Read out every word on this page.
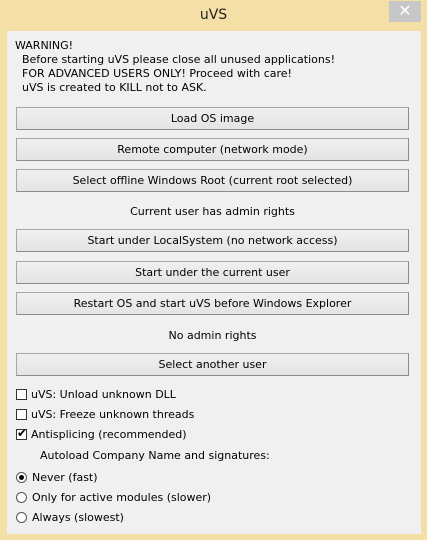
uVS	✕
WARNING!
Before starting uVS please close all unused applications!
FOR ADVANCED USERS ONLY! Proceed with care!
uVS is created to KILL not to ASK.
Load OS image
Remote computer (network mode)
Select offline Windows Root (current root selected)
Current user has admin rights
Start under LocalSystem (no network access)
Start under the current user
Restart OS and start uVS before Windows Explorer
No admin rights
Select another user
uVS: Unload unknown DLL
uVS: Freeze unknown threads
✔ Antisplicing (recommended)
Autoload Company Name and signatures:
Never (fast)
Only for active modules (slower)
Always (slowest)
